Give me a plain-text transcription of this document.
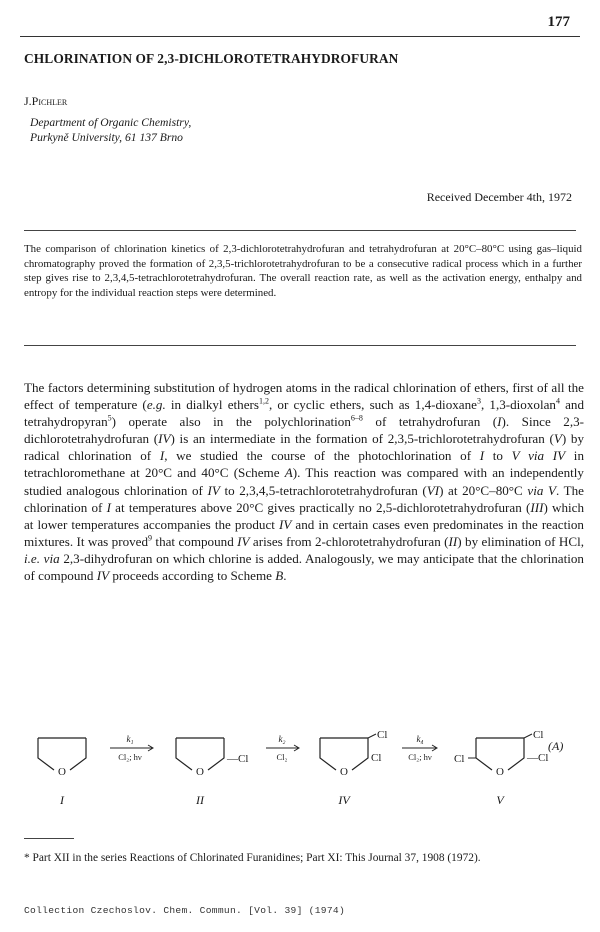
177
CHLORINATION OF 2,3-DICHLOROTETRAHYDROFURAN
J.Pichler
Department of Organic Chemistry,
Purkyně University, 61 137 Brno
Received December 4th, 1972
The comparison of chlorination kinetics of 2,3-dichlorotetrahydrofuran and tetrahydrofuran at 20°C–80°C using gas–liquid chromatography proved the formation of 2,3,5-trichlorotetrahydrofuran to be a consecutive radical process which in a further step gives rise to 2,3,4,5-tetrachlorotetrahydrofuran. The overall reaction rate, as well as the activation energy, enthalpy and entropy for the individual reaction steps were determined.
The factors determining substitution of hydrogen atoms in the radical chlorination of ethers, first of all the effect of temperature (e.g. in dialkyl ethers$^{1,2}$, or cyclic ethers, such as 1,4-dioxane$^3$, 1,3-dioxolan$^4$ and tetrahydropyran$^5$) operate also in the polychlorination$^{6-8}$ of tetrahydrofuran (I). Since 2,3-dichlorotetrahydrofuran (IV) is an intermediate in the formation of 2,3,5-trichlorotetrahydrofuran (V) by radical chlorination of I, we studied the course of the photochlorination of I to V via IV in tetrachloromethane at 20°C and 40°C (Scheme A). This reaction was compared with an independently studied analogous chlorination of IV to 2,3,4,5-tetrachlorotetrahydrofuran (VI) at 20°C–80°C via V. The chlorination of I at temperatures above 20°C gives practically no 2,5-dichlorotetrahydrofuran (III) which at lower temperatures accompanies the product IV and in certain cases even predominates in the reaction mixtures. It was proved$^9$ that compound IV arises from 2-chlorotetrahydrofuran (II) by elimination of HCl, i.e. via 2,3-dihydrofuran on which chlorine is added. Analogously, we may anticipate that the chlorination of compound IV proceeds according to Scheme B.
O
I
k₁
Cl₂; hν
O
—Cl
II
k₂
Cl₂
Cl
O
Cl
IV
k₄
Cl₂; hν Cl
Cl
O
—Cl
V
(A)
* Part XII in the series Reactions of Chlorinated Furanidines; Part XI: This Journal 37, 1908 (1972).
Collection Czechoslov. Chem. Commun. [Vol. 39] (1974)
